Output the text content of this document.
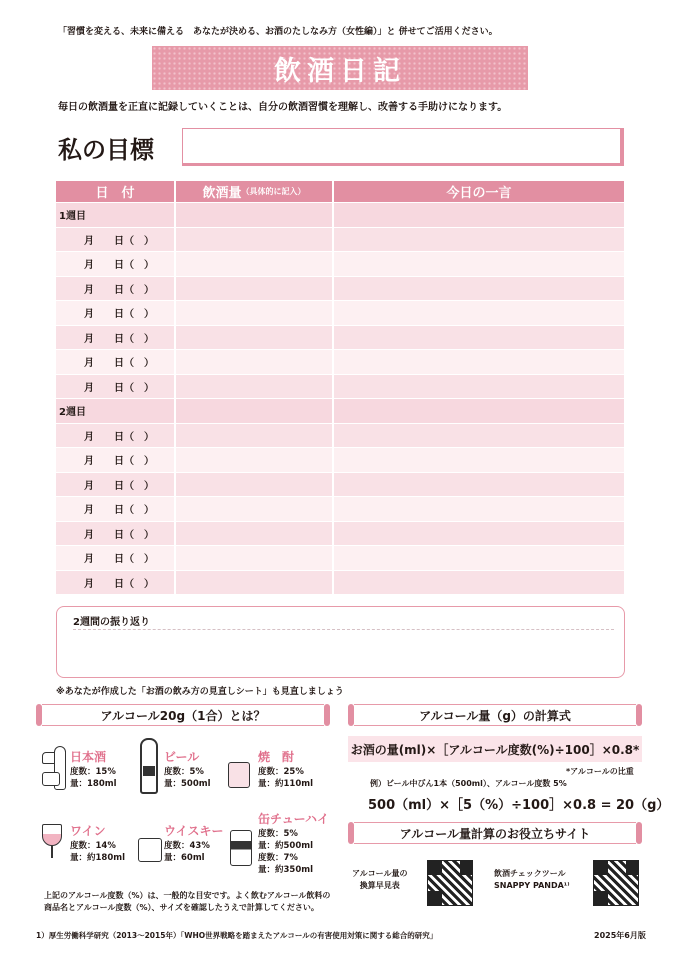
「習慣を変える、未来に備える　あなたが決める、お酒のたしなみ方（女性編）」と 併せてご活用ください。
飲酒日記
毎日の飲酒量を正直に記録していくことは、自分の飲酒習慣を理解し、改善する手助けになります。
私の目標
日　付	飲酒量 （具体的に記入）	今日の一言
1週目
月　　日（　）
月　　日（　）
月　　日（　）
月　　日（　）
月　　日（　）
月　　日（　）
月　　日（　）
2週目
月　　日（　）
月　　日（　）
月　　日（　）
月　　日（　）
月　　日（　）
月　　日（　）
月　　日（　）
2週間の振り返り
※あなたが作成した「お酒の飲み方の見直しシート」も見直しましょう
アルコール20g（1合）とは？
日本酒
度数：15%
量：180ml
ビール
度数：5%
量：500ml
焼　酎
度数：25%
量：約110ml
ワイン
度数：14%
量：約180ml
ウイスキー
度数：43%
量：60ml
缶チューハイ
度数：5%
量：約500ml
度数：7%
量：約350ml
上記のアルコール度数（%）は、一般的な目安です。よく飲むアルコール飲料の
商品名とアルコール度数（%）、サイズを確認したうえで計算してください。
アルコール量（g）の計算式
お酒の量(ml)×［アルコール度数(%)÷100］×0.8*
*アルコールの比重
例）ビール中びん1本（500ml）、アルコール度数 5%
500（ml）×［5（%）÷100］×0.8 = 20（g）
アルコール量計算のお役立ちサイト
アルコール量の
換算早見表
飲酒チェックツール
SNAPPY PANDA¹⁾
1）厚生労働科学研究（2013～2015年）「WHO世界戦略を踏まえたアルコールの有害使用対策に関する総合的研究」	2025年6月版
